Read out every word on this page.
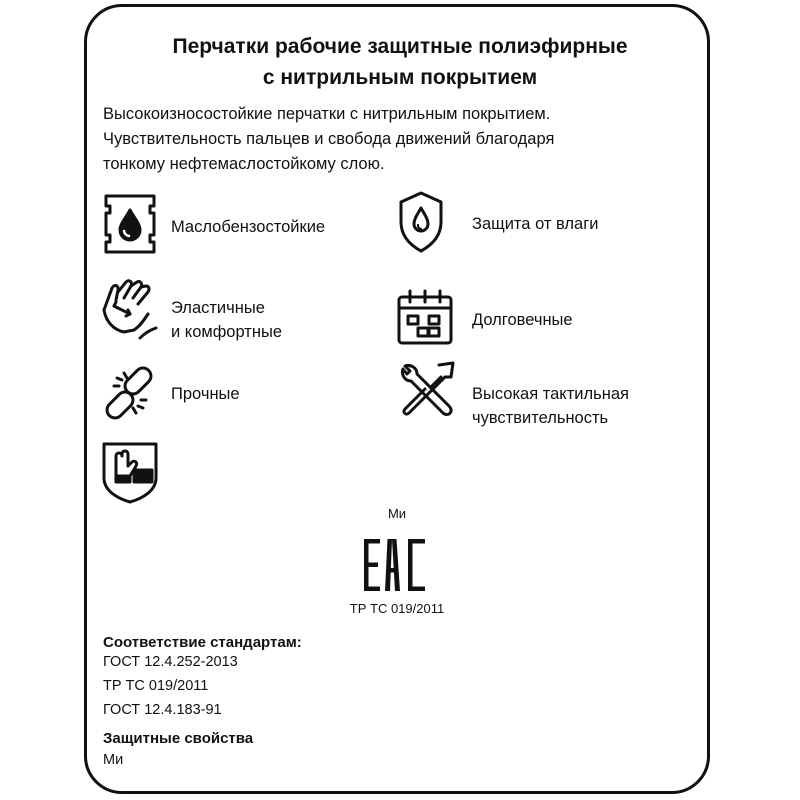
Перчатки рабочие защитные полиэфирные
с нитрильным покрытием

Высокоизносостойкие перчатки с нитрильным покрытием.

Чувствительность пальцев и свобода движений благодаря

тонкому нефтемаслостойкому слою.

Маслобензостойкие	Защита от влаги
Эластичные
и комфортные
Долговечные
Прочные	Высокая тактильная
чувствительность
Ми
ТР ТС 019/2011
Соответствие стандартам:
ГОСТ 12.4.252-2013
ТР ТС 019/2011
ГОСТ 12.4.183-91
Защитные свойства
Ми
